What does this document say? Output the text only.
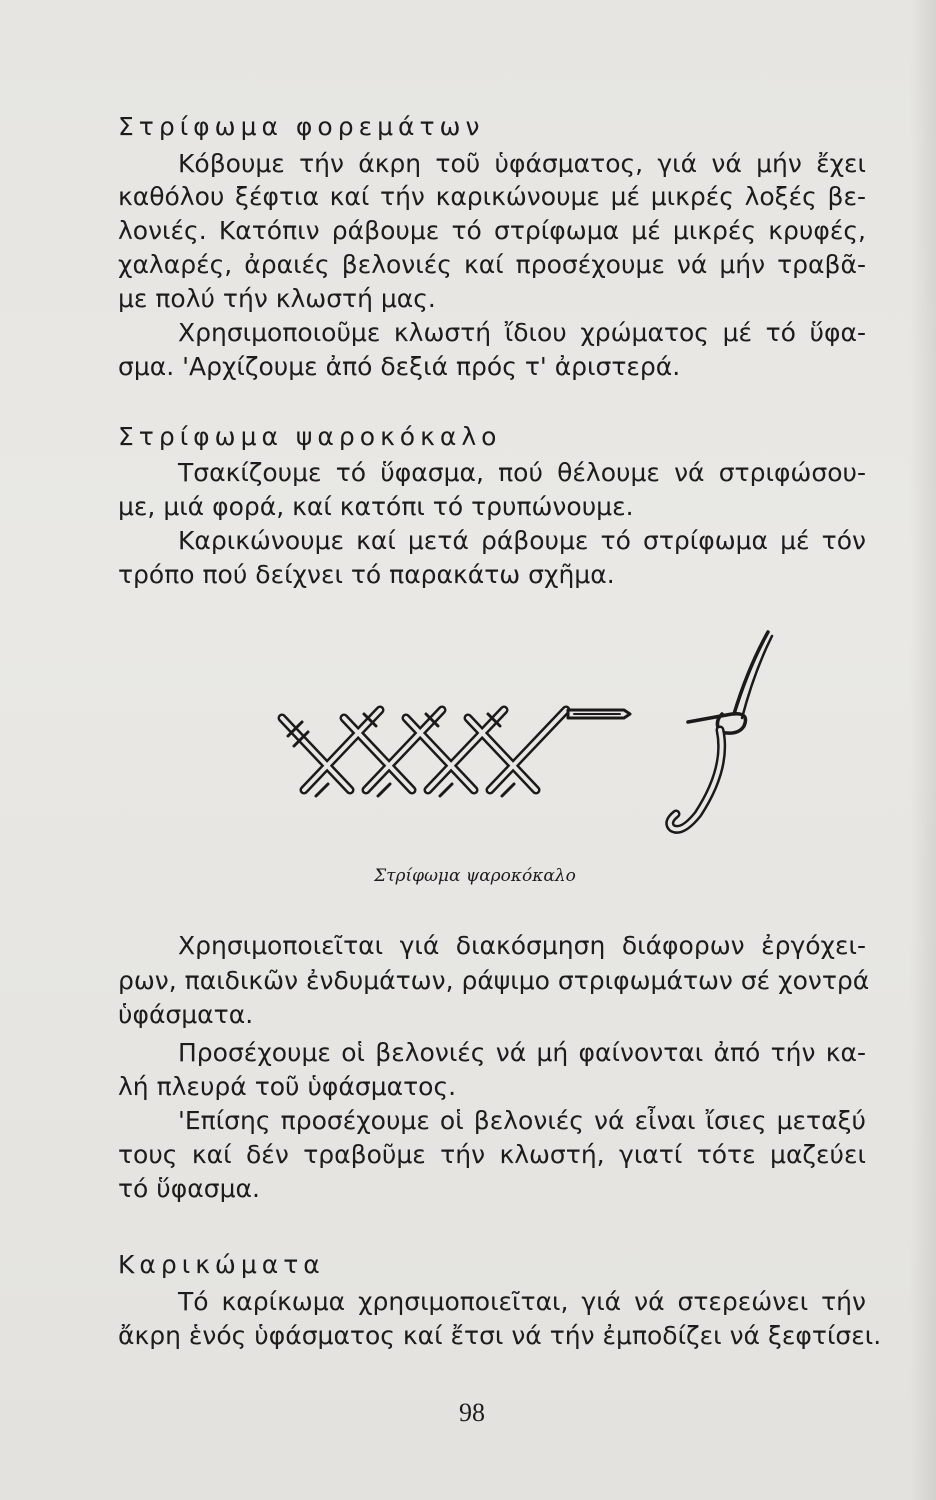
Στρίφωμα φορεμάτων

Κόβουμε τήν άκρη τοῦ ὑφάσματος, γιά νά μήν ἔχει

καθόλου ξέφτια καί τήν καρικώνουμε μέ μικρές λοξές βε-

λονιές. Κατόπιν ράβουμε τό στρίφωμα μέ μικρές κρυφές,

χαλαρές, ἀραιές βελονιές καί προσέχουμε νά μήν τραβᾶ-

με πολύ τήν κλωστή μας.

Χρησιμοποιοῦμε κλωστή ἴδιου χρώματος μέ τό ὕφα-

σμα. 'Αρχίζουμε ἀπό δεξιά πρός τ' ἀριστερά.

Στρίφωμα ψαροκόκαλο

Τσακίζουμε τό ὕφασμα, πού θέλουμε νά στριφώσου-

με, μιά φορά, καί κατόπι τό τρυπώνουμε.

Καρικώνουμε καί μετά ράβουμε τό στρίφωμα μέ τόν

τρόπο πού δείχνει τό παρακάτω σχῆμα.

Στρίφωμα ψαροκόκαλο

Χρησιμοποιεῖται γιά διακόσμηση διάφορων ἐργόχει-

ρων, παιδικῶν ἐνδυμάτων, ράψιμο στριφωμάτων σέ χοντρά

ὑφάσματα.

Προσέχουμε οἱ βελονιές νά μή φαίνονται ἀπό τήν κα-

λή πλευρά τοῦ ὑφάσματος.

'Επίσης προσέχουμε οἱ βελονιές νά εἶναι ἴσιες μεταξύ

τους καί δέν τραβοῦμε τήν κλωστή, γιατί τότε μαζεύει

τό ὕφασμα.

Καρικώματα

Τό καρίκωμα χρησιμοποιεῖται, γιά νά στερεώνει τήν

ἄκρη ἑνός ὑφάσματος καί ἔτσι νά τήν ἐμποδίζει νά ξεφτίσει.

98
